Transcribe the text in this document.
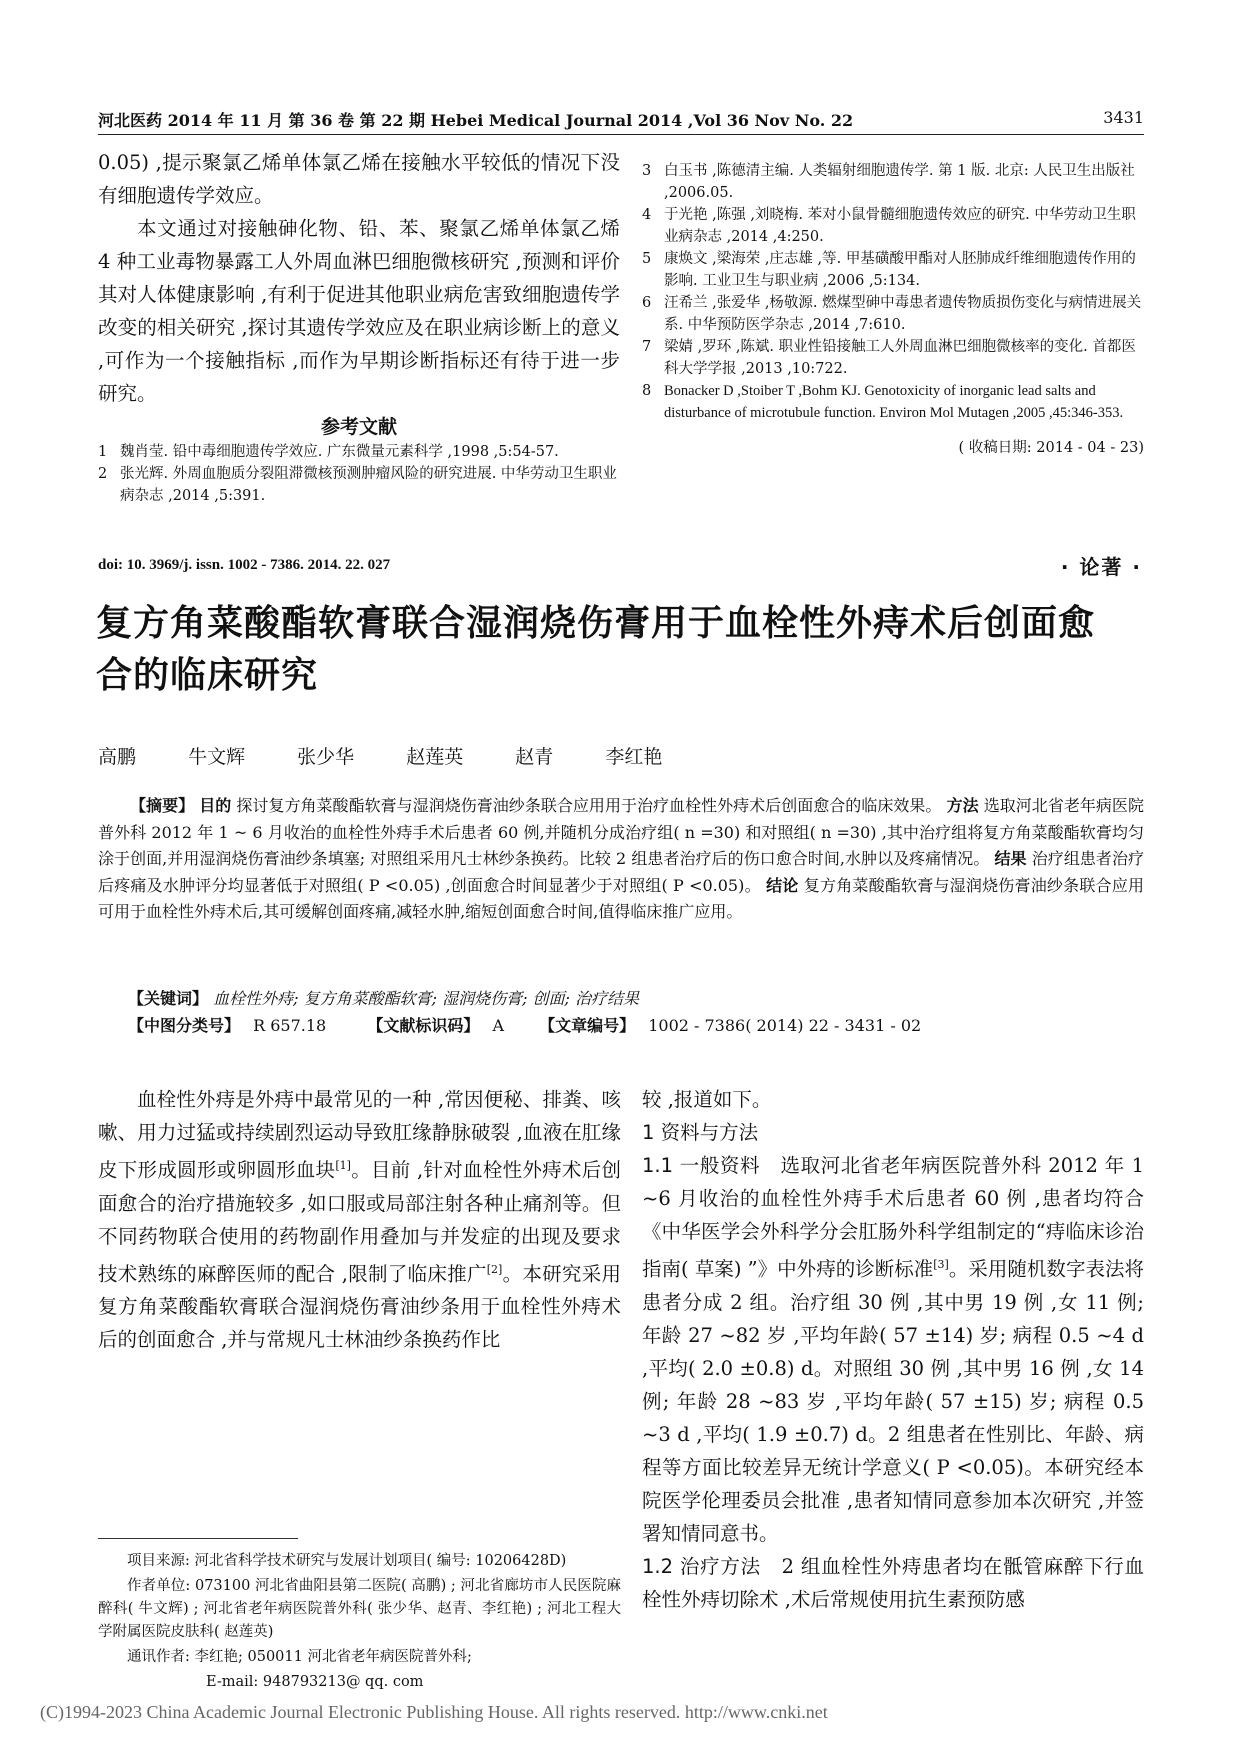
河北医药 2014 年 11 月 第 36 卷 第 22 期 Hebei Medical Journal 2014 ,Vol 36 Nov No. 22	3431

0.05) ,提示聚氯乙烯单体氯乙烯在接触水平较低的情况下没有细胞遗传学效应。

本文通过对接触砷化物、铅、苯、聚氯乙烯单体氯乙烯 4 种工业毒物暴露工人外周血淋巴细胞微核研究 ,预测和评价其对人体健康影响 ,有利于促进其他职业病危害致细胞遗传学改变的相关研究 ,探讨其遗传学效应及在职业病诊断上的意义 ,可作为一个接触指标 ,而作为早期诊断指标还有待于进一步研究。

参考文献

1 魏肖莹. 铅中毒细胞遗传学效应. 广东微量元素科学 ,1998 ,5:54-57.
2 张光辉. 外周血胞质分裂阻滞微核预测肿瘤风险的研究进展. 中华劳动卫生职业病杂志 ,2014 ,5:391.
3 白玉书 ,陈德清主编. 人类辐射细胞遗传学. 第 1 版. 北京: 人民卫生出版社 ,2006.05.
4 于光艳 ,陈强 ,刘晓梅. 苯对小鼠骨髓细胞遗传效应的研究. 中华劳动卫生职业病杂志 ,2014 ,4:250.
5 康焕文 ,梁海荣 ,庄志雄 ,等. 甲基磺酸甲酯对人胚肺成纤维细胞遗传作用的影响. 工业卫生与职业病 ,2006 ,5:134.
6 汪希兰 ,张爱华 ,杨敬源. 燃煤型砷中毒患者遗传物质损伤变化与病情进展关系. 中华预防医学杂志 ,2014 ,7:610.
7 梁婧 ,罗环 ,陈斌. 职业性铅接触工人外周血淋巴细胞微核率的变化. 首都医科大学学报 ,2013 ,10:722.
8 Bonacker D ,Stoiber T ,Bohm KJ. Genotoxicity of inorganic lead salts and disturbance of microtubule function. Environ Mol Mutagen ,2005 ,45:346-353.
( 收稿日期: 2014 - 04 - 23)
doi: 10. 3969/j. issn. 1002 - 7386. 2014. 22. 027	· 论著 ·
复方角菜酸酯软膏联合湿润烧伤膏用于血栓性外痔术后创面愈合的临床研究
高鹏	牛文辉	张少华	赵莲英	赵青	李红艳

【摘要】 目的 探讨复方角菜酸酯软膏与湿润烧伤膏油纱条联合应用用于治疗血栓性外痔术后创面愈合的临床效果。 方法 选取河北省老年病医院普外科 2012 年 1 ~ 6 月收治的血栓性外痔手术后患者 60 例,并随机分成治疗组( n =30) 和对照组( n =30) ,其中治疗组将复方角菜酸酯软膏均匀涂于创面,并用湿润烧伤膏油纱条填塞; 对照组采用凡士林纱条换药。比较 2 组患者治疗后的伤口愈合时间,水肿以及疼痛情况。 结果 治疗组患者治疗后疼痛及水肿评分均显著低于对照组( P <0.05) ,创面愈合时间显著少于对照组( P <0.05)。 结论 复方角菜酸酯软膏与湿润烧伤膏油纱条联合应用可用于血栓性外痔术后,其可缓解创面疼痛,减轻水肿,缩短创面愈合时间,值得临床推广应用。

【关键词】 血栓性外痔; 复方角菜酸酯软膏; 湿润烧伤膏; 创面; 治疗结果
【中图分类号】 R 657.18	【文献标识码】 A 【文章编号】 1002 - 7386( 2014) 22 - 3431 - 02

血栓性外痔是外痔中最常见的一种 ,常因便秘、排粪、咳嗽、用力过猛或持续剧烈运动导致肛缘静脉破裂 ,血液在肛缘皮下形成圆形或卵圆形血块[1]。目前 ,针对血栓性外痔术后创面愈合的治疗措施较多 ,如口服或局部注射各种止痛剂等。但不同药物联合使用的药物副作用叠加与并发症的出现及要求技术熟练的麻醉医师的配合 ,限制了临床推广[2]。本研究采用复方角菜酸酯软膏联合湿润烧伤膏油纱条用于血栓性外痔术后的创面愈合 ,并与常规凡士林油纱条换药作比

项目来源: 河北省科学技术研究与发展计划项目( 编号: 10206428D)

作者单位: 073100 河北省曲阳县第二医院( 高鹏) ; 河北省廊坊市人民医院麻醉科( 牛文辉) ; 河北省老年病医院普外科( 张少华、赵青、李红艳) ; 河北工程大学附属医院皮肤科( 赵莲英)

通讯作者: 李红艳; 050011 河北省老年病医院普外科;

E-mail: 948793213@ qq. com

较 ,报道如下。

1 资料与方法

1.1 一般资料 选取河北省老年病医院普外科 2012 年 1 ~6 月收治的血栓性外痔手术后患者 60 例 ,患者均符合《中华医学会外科学分会肛肠外科学组制定的“痔临床诊治指南( 草案) ”》中外痔的诊断标准[3]。采用随机数字表法将患者分成 2 组。治疗组 30 例 ,其中男 19 例 ,女 11 例; 年龄 27 ~82 岁 ,平均年龄( 57 ±14) 岁; 病程 0.5 ~4 d ,平均( 2.0 ±0.8) d。对照组 30 例 ,其中男 16 例 ,女 14 例; 年龄 28 ~83 岁 ,平均年龄( 57 ±15) 岁; 病程 0.5 ~3 d ,平均( 1.9 ±0.7) d。2 组患者在性别比、年龄、病程等方面比较差异无统计学意义( P <0.05)。本研究经本院医学伦理委员会批准 ,患者知情同意参加本次研究 ,并签署知情同意书。

1.2 治疗方法 2 组血栓性外痔患者均在骶管麻醉下行血栓性外痔切除术 ,术后常规使用抗生素预防感

(C)1994-2023 China Academic Journal Electronic Publishing House. All rights reserved. http://www.cnki.net
